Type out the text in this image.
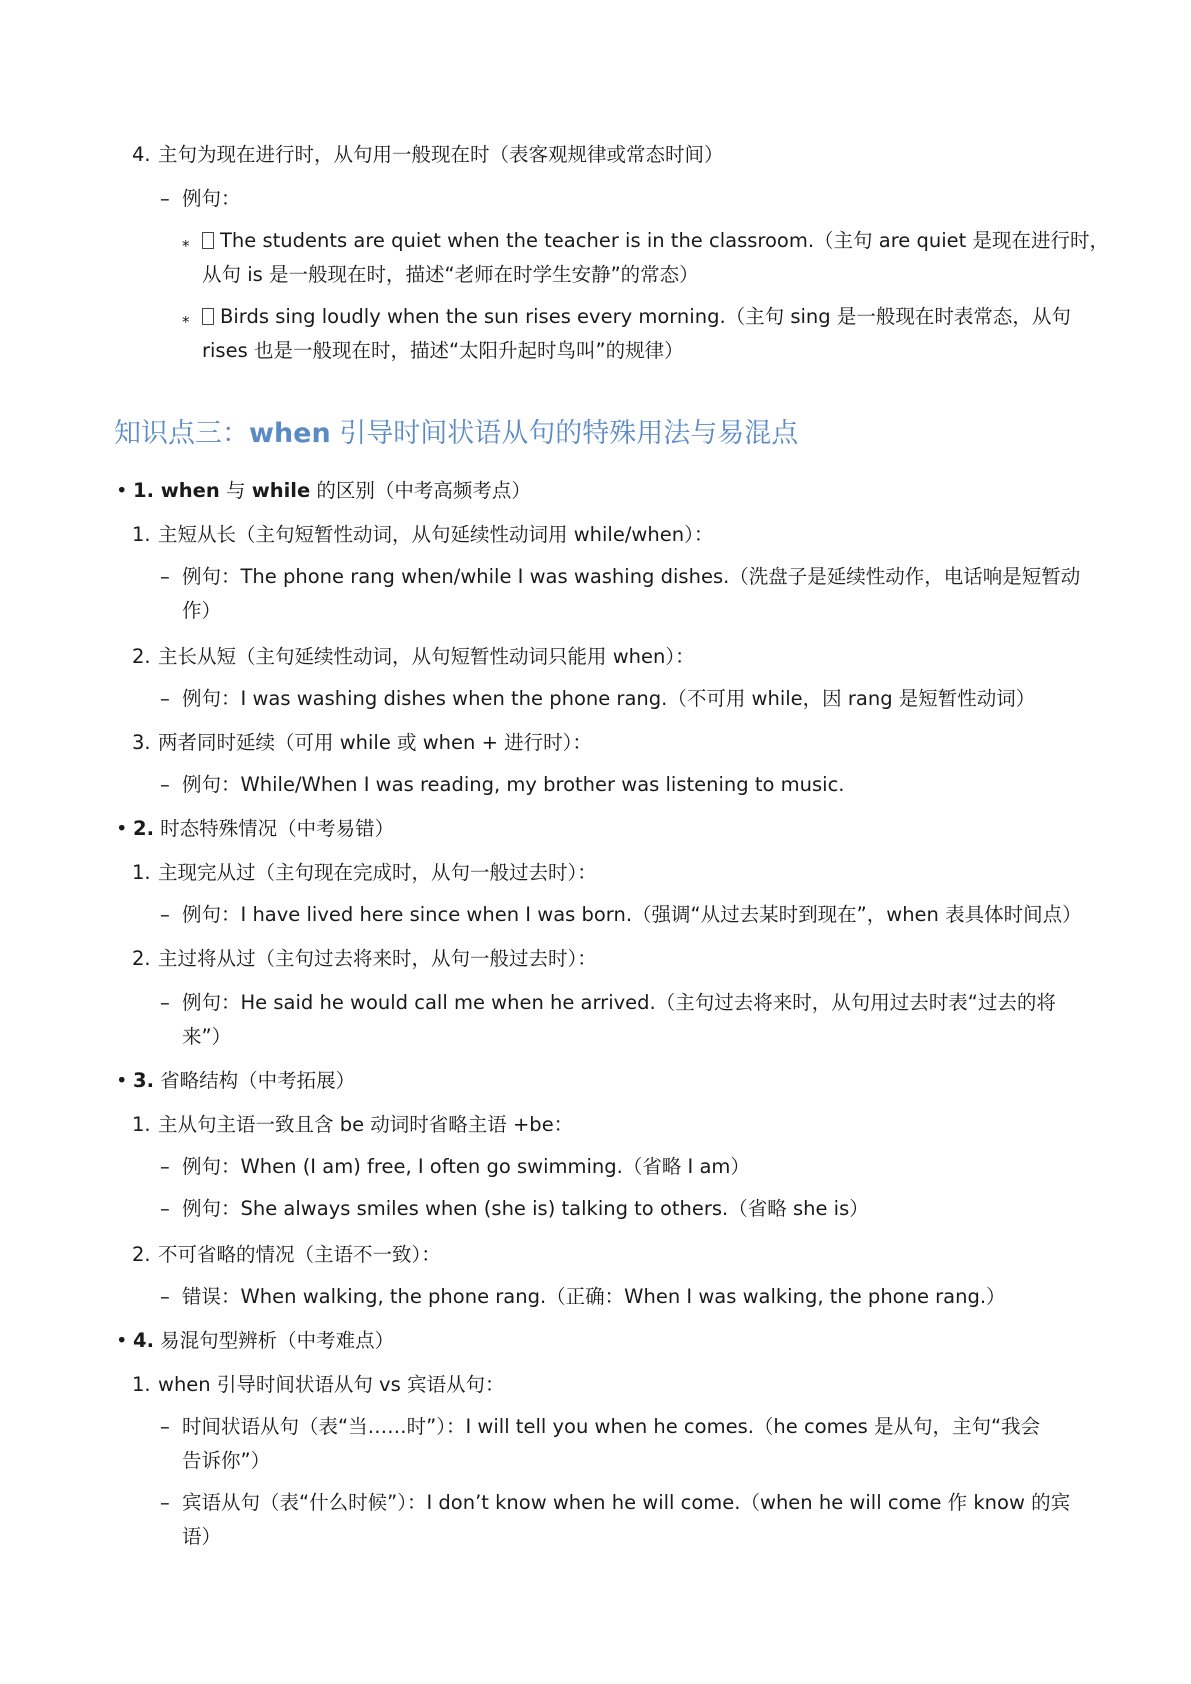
4. 主句为现在进行时，从句用一般现在时（表客观规律或常态时间）
– 例句：
*	The students are quiet when the teacher is in the classroom.（主句 are quiet 是现在进行时，
从句 is 是一般现在时，描述“老师在时学生安静”的常态）
*	Birds sing loudly when the sun rises every morning.（主句 sing 是一般现在时表常态，从句
rises 也是一般现在时，描述“太阳升起时鸟叫”的规律）
知识点三：when 引导时间状语从句的特殊用法与易混点
• 1. when 与 while 的区别（中考高频考点）
1. 主短从长（主句短暂性动词，从句延续性动词用 while/when）：
– 例句：The phone rang when/while I was washing dishes.（洗盘子是延续性动作，电话响是短暂动
作）
2. 主长从短（主句延续性动词，从句短暂性动词只能用 when）：
– 例句：I was washing dishes when the phone rang.（不可用 while，因 rang 是短暂性动词）
3. 两者同时延续（可用 while 或 when + 进行时）：
– 例句：While/When I was reading, my brother was listening to music.
• 2. 时态特殊情况（中考易错）
1. 主现完从过（主句现在完成时，从句一般过去时）：
– 例句：I have lived here since when I was born.（强调“从过去某时到现在”，when 表具体时间点）
2. 主过将从过（主句过去将来时，从句一般过去时）：
– 例句：He said he would call me when he arrived.（主句过去将来时，从句用过去时表“过去的将
来”）
• 3. 省略结构（中考拓展）
1. 主从句主语一致且含 be 动词时省略主语 +be：
– 例句：When (I am) free, I often go swimming.（省略 I am）
– 例句：She always smiles when (she is) talking to others.（省略 she is）
2. 不可省略的情况（主语不一致）：
– 错误：When walking, the phone rang.（正确：When I was walking, the phone rang.）
• 4. 易混句型辨析（中考难点）
1. when 引导时间状语从句 vs 宾语从句：
– 时间状语从句（表“当……时”）：I will tell you when he comes.（he comes 是从句，主句“我会
告诉你”）
– 宾语从句（表“什么时候”）：I don’t know when he will come.（when he will come 作 know 的宾
语）
